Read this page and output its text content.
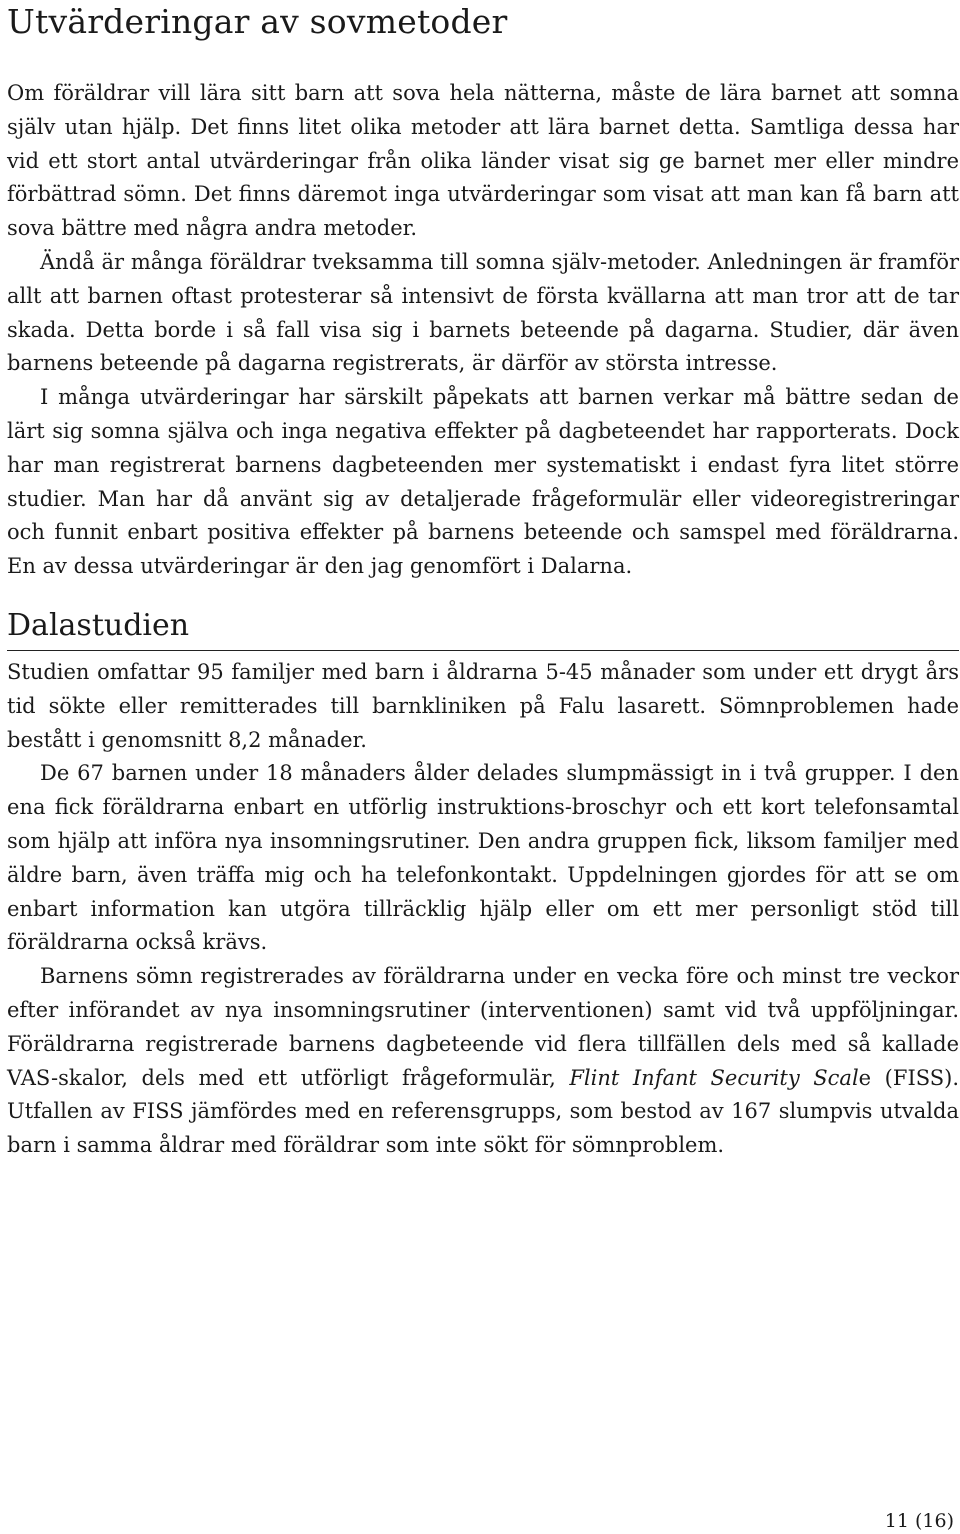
Utvärderingar av sovmetoder

Om föräldrar vill lära sitt barn att sova hela nätterna, måste de lära barnet att somna själv utan hjälp. Det finns litet olika metoder att lära barnet detta. Samtliga dessa har vid ett stort antal utvärderingar från olika länder visat sig ge barnet mer eller mindre förbättrad sömn. Det finns däremot inga utvärderingar som visat att man kan få barn att sova bättre med några andra metoder.

Ändå är många föräldrar tveksamma till somna själv-metoder. Anledningen är framför allt att barnen oftast protesterar så intensivt de första kvällarna att man tror att de tar skada. Detta borde i så fall visa sig i barnets beteende på dagarna. Studier, där även barnens beteende på dagarna registrerats, är därför av största intresse.

I många utvärderingar har särskilt påpekats att barnen verkar må bättre sedan de lärt sig somna själva och inga negativa effekter på dagbeteendet har rapporterats. Dock har man registrerat barnens dagbeteenden mer systematiskt i endast fyra litet större studier. Man har då använt sig av detaljerade frågeformulär eller videoregistreringar och funnit enbart positiva effekter på barnens beteende och samspel med föräldrarna. En av dessa utvärderingar är den jag genomfört i Dalarna.

Dalastudien

Studien omfattar 95 familjer med barn i åldrarna 5-45 månader som under ett drygt års tid sökte eller remitterades till barnkliniken på Falu lasarett. Sömnproblemen hade bestått i genomsnitt 8,2 månader.

De 67 barnen under 18 månaders ålder delades slumpmässigt in i två grupper. I den ena fick föräldrarna enbart en utförlig instruktions-broschyr och ett kort telefonsamtal som hjälp att införa nya insomningsrutiner. Den andra gruppen fick, liksom familjer med äldre barn, även träffa mig och ha telefonkontakt. Uppdelningen gjordes för att se om enbart information kan utgöra tillräcklig hjälp eller om ett mer personligt stöd till föräldrarna också krävs.

Barnens sömn registrerades av föräldrarna under en vecka före och minst tre veckor efter införandet av nya insomningsrutiner (interventionen) samt vid två uppföljningar. Föräldrarna registrerade barnens dagbeteende vid flera tillfällen dels med så kallade VAS-skalor, dels med ett utförligt frågeformulär, Flint Infant Security Scale (FISS). Utfallen av FISS jämfördes med en referensgrupps, som bestod av 167 slumpvis utvalda barn i samma åldrar med föräldrar som inte sökt för sömnproblem.

11 (16)
